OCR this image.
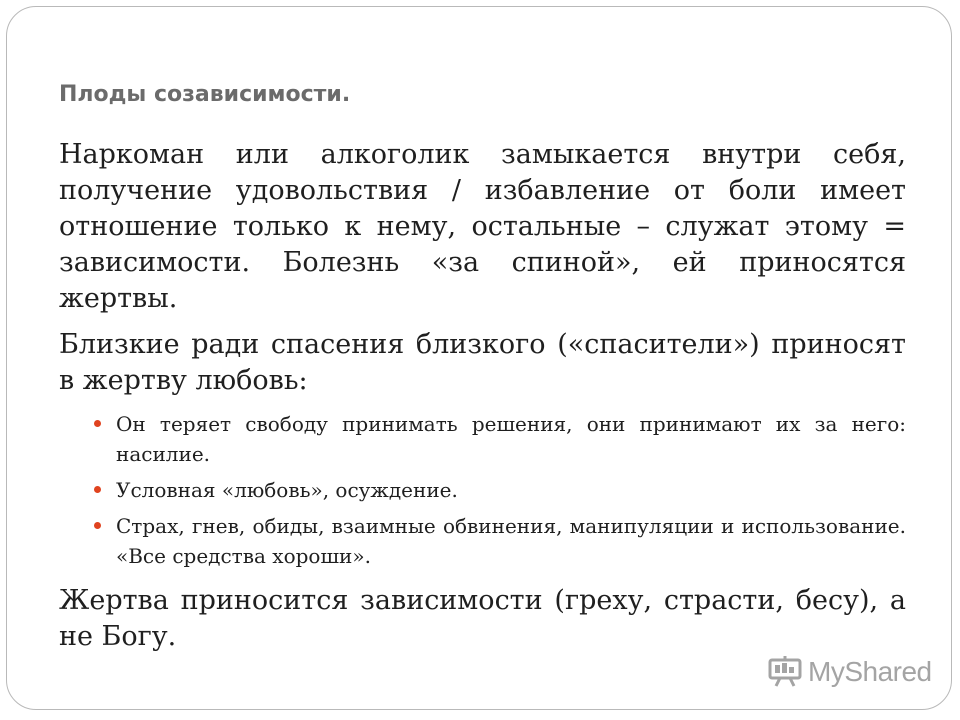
Плоды созависимости.

Наркоман или алкоголик замыкается внутри себя, получение удовольствия / избавление от боли имеет отношение только к нему, остальные – служат этому = зависимости. Болезнь «за спиной», ей приносятся жертвы.

Близкие ради спасения близкого («спасители») приносят в жертву любовь:

Он теряет свободу принимать решения, они принимают их за него: насилие.
Условная «любовь», осуждение.
Страх, гнев, обиды, взаимные обвинения, манипуляции и использование. «Все средства хороши».

Жертва приносится зависимости (греху, страсти, бесу), а не Богу.

MyShared
